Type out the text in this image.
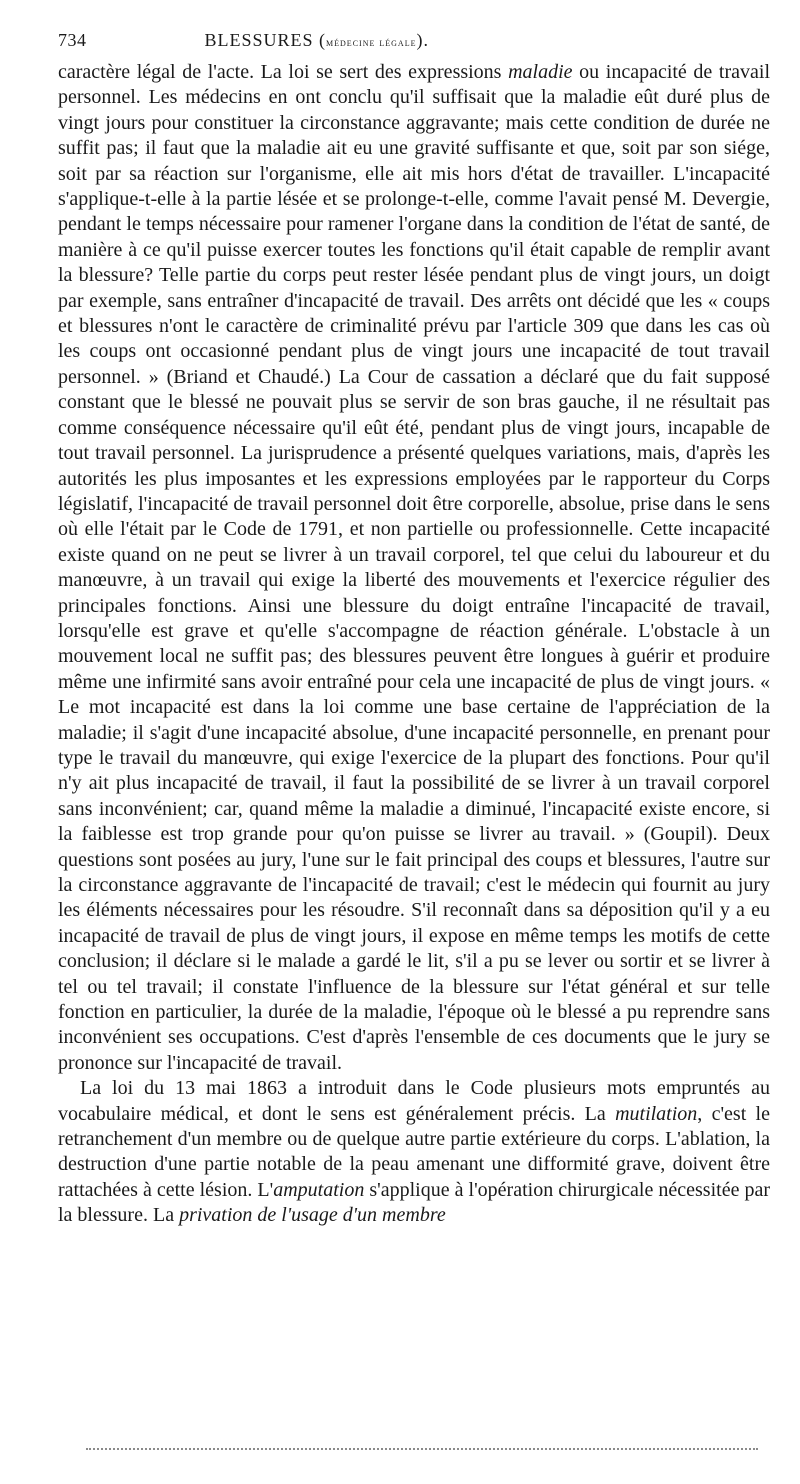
734	BLESSURES (médecine légale).

caractère légal de l'acte. La loi se sert des expressions maladie ou incapacité de travail personnel. Les médecins en ont conclu qu'il suffisait que la maladie eût duré plus de vingt jours pour constituer la circonstance aggravante; mais cette condition de durée ne suffit pas; il faut que la maladie ait eu une gravité suffisante et que, soit par son siége, soit par sa réaction sur l'organisme, elle ait mis hors d'état de travailler. L'incapacité s'applique-t-elle à la partie lésée et se prolonge-t-elle, comme l'avait pensé M. Devergie, pendant le temps nécessaire pour ramener l'organe dans la condition de l'état de santé, de manière à ce qu'il puisse exercer toutes les fonctions qu'il était capable de remplir avant la blessure? Telle partie du corps peut rester lésée pendant plus de vingt jours, un doigt par exemple, sans entraîner d'incapacité de travail. Des arrêts ont décidé que les « coups et blessures n'ont le caractère de criminalité prévu par l'article 309 que dans les cas où les coups ont occasionné pendant plus de vingt jours une incapacité de tout travail personnel. » (Briand et Chaudé.) La Cour de cassation a déclaré que du fait supposé constant que le blessé ne pouvait plus se servir de son bras gauche, il ne résultait pas comme conséquence nécessaire qu'il eût été, pendant plus de vingt jours, incapable de tout travail personnel. La jurisprudence a présenté quelques variations, mais, d'après les autorités les plus imposantes et les expressions employées par le rapporteur du Corps législatif, l'incapacité de travail personnel doit être corporelle, absolue, prise dans le sens où elle l'était par le Code de 1791, et non partielle ou professionnelle. Cette incapacité existe quand on ne peut se livrer à un travail corporel, tel que celui du laboureur et du manœuvre, à un travail qui exige la liberté des mouvements et l'exercice régulier des principales fonctions. Ainsi une blessure du doigt entraîne l'incapacité de travail, lorsqu'elle est grave et qu'elle s'accompagne de réaction générale. L'obstacle à un mouvement local ne suffit pas; des blessures peuvent être longues à guérir et produire même une infirmité sans avoir entraîné pour cela une incapacité de plus de vingt jours. « Le mot incapacité est dans la loi comme une base certaine de l'appréciation de la maladie; il s'agit d'une incapacité absolue, d'une incapacité personnelle, en prenant pour type le travail du manœuvre, qui exige l'exercice de la plupart des fonctions. Pour qu'il n'y ait plus incapacité de travail, il faut la possibilité de se livrer à un travail corporel sans inconvénient; car, quand même la maladie a diminué, l'incapacité existe encore, si la faiblesse est trop grande pour qu'on puisse se livrer au travail. » (Goupil). Deux questions sont posées au jury, l'une sur le fait principal des coups et blessures, l'autre sur la circonstance aggravante de l'incapacité de travail; c'est le médecin qui fournit au jury les éléments nécessaires pour les résoudre. S'il reconnaît dans sa déposition qu'il y a eu incapacité de travail de plus de vingt jours, il expose en même temps les motifs de cette conclusion; il déclare si le malade a gardé le lit, s'il a pu se lever ou sortir et se livrer à tel ou tel travail; il constate l'influence de la blessure sur l'état général et sur telle fonction en particulier, la durée de la maladie, l'époque où le blessé a pu reprendre sans inconvénient ses occupations. C'est d'après l'ensemble de ces documents que le jury se prononce sur l'incapacité de travail.

La loi du 13 mai 1863 a introduit dans le Code plusieurs mots empruntés au vocabulaire médical, et dont le sens est généralement précis. La mutilation, c'est le retranchement d'un membre ou de quelque autre partie extérieure du corps. L'ablation, la destruction d'une partie notable de la peau amenant une difformité grave, doivent être rattachées à cette lésion. L'amputation s'applique à l'opération chirurgicale nécessitée par la blessure. La privation de l'usage d'un membre
